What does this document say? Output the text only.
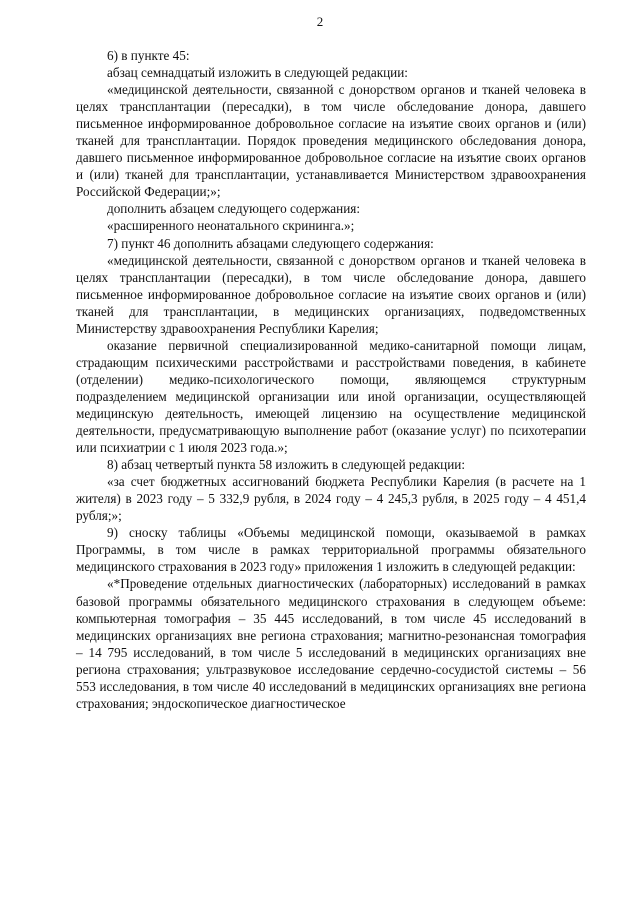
2

6) в пункте 45:

абзац семнадцатый изложить в следующей редакции:

«медицинской деятельности, связанной с донорством органов и тканей человека в целях трансплантации (пересадки), в том числе обследование донора, давшего письменное информированное добровольное согласие на изъятие своих органов и (или) тканей для трансплантации. Порядок проведения медицинского обследования донора, давшего письменное информированное добровольное согласие на изъятие своих органов и (или) тканей для трансплантации, устанавливается Министерством здравоохранения Российской Федерации;»;

дополнить абзацем следующего содержания:

«расширенного неонатального скрининга.»;

7) пункт 46 дополнить абзацами следующего содержания:

«медицинской деятельности, связанной с донорством органов и тканей человека в целях трансплантации (пересадки), в том числе обследование донора, давшего письменное информированное добровольное согласие на изъятие своих органов и (или) тканей для трансплантации, в медицинских организациях, подведомственных Министерству здравоохранения Республики Карелия;

оказание первичной специализированной медико-санитарной помощи лицам, страдающим психическими расстройствами и расстройствами поведения, в кабинете (отделении) медико-психологического помощи, являющемся структурным подразделением медицинской организации или иной организации, осуществляющей медицинскую деятельность, имеющей лицензию на осуществление медицинской деятельности, предусматривающую выполнение работ (оказание услуг) по психотерапии или психиатрии с 1 июля 2023 года.»;

8) абзац четвертый пункта 58 изложить в следующей редакции:

«за счет бюджетных ассигнований бюджета Республики Карелия (в расчете на 1 жителя) в 2023 году – 5 332,9 рубля, в 2024 году – 4 245,3 рубля, в 2025 году – 4 451,4 рубля;»;

9) сноску таблицы «Объемы медицинской помощи, оказываемой в рамках Программы, в том числе в рамках территориальной программы обязательного медицинского страхования в 2023 году» приложения 1 изложить в следующей редакции:

«*Проведение отдельных диагностических (лабораторных) исследований в рамках базовой программы обязательного медицинского страхования в следующем объеме: компьютерная томография – 35 445 исследований, в том числе 45 исследований в медицинских организациях вне региона страхования; магнитно-резонансная томография – 14 795 исследований, в том числе 5 исследований в медицинских организациях вне региона страхования; ультразвуковое исследование сердечно-сосудистой системы – 56 553 исследования, в том числе 40 исследований в медицинских организациях вне региона страхования; эндоскопическое диагностическое
